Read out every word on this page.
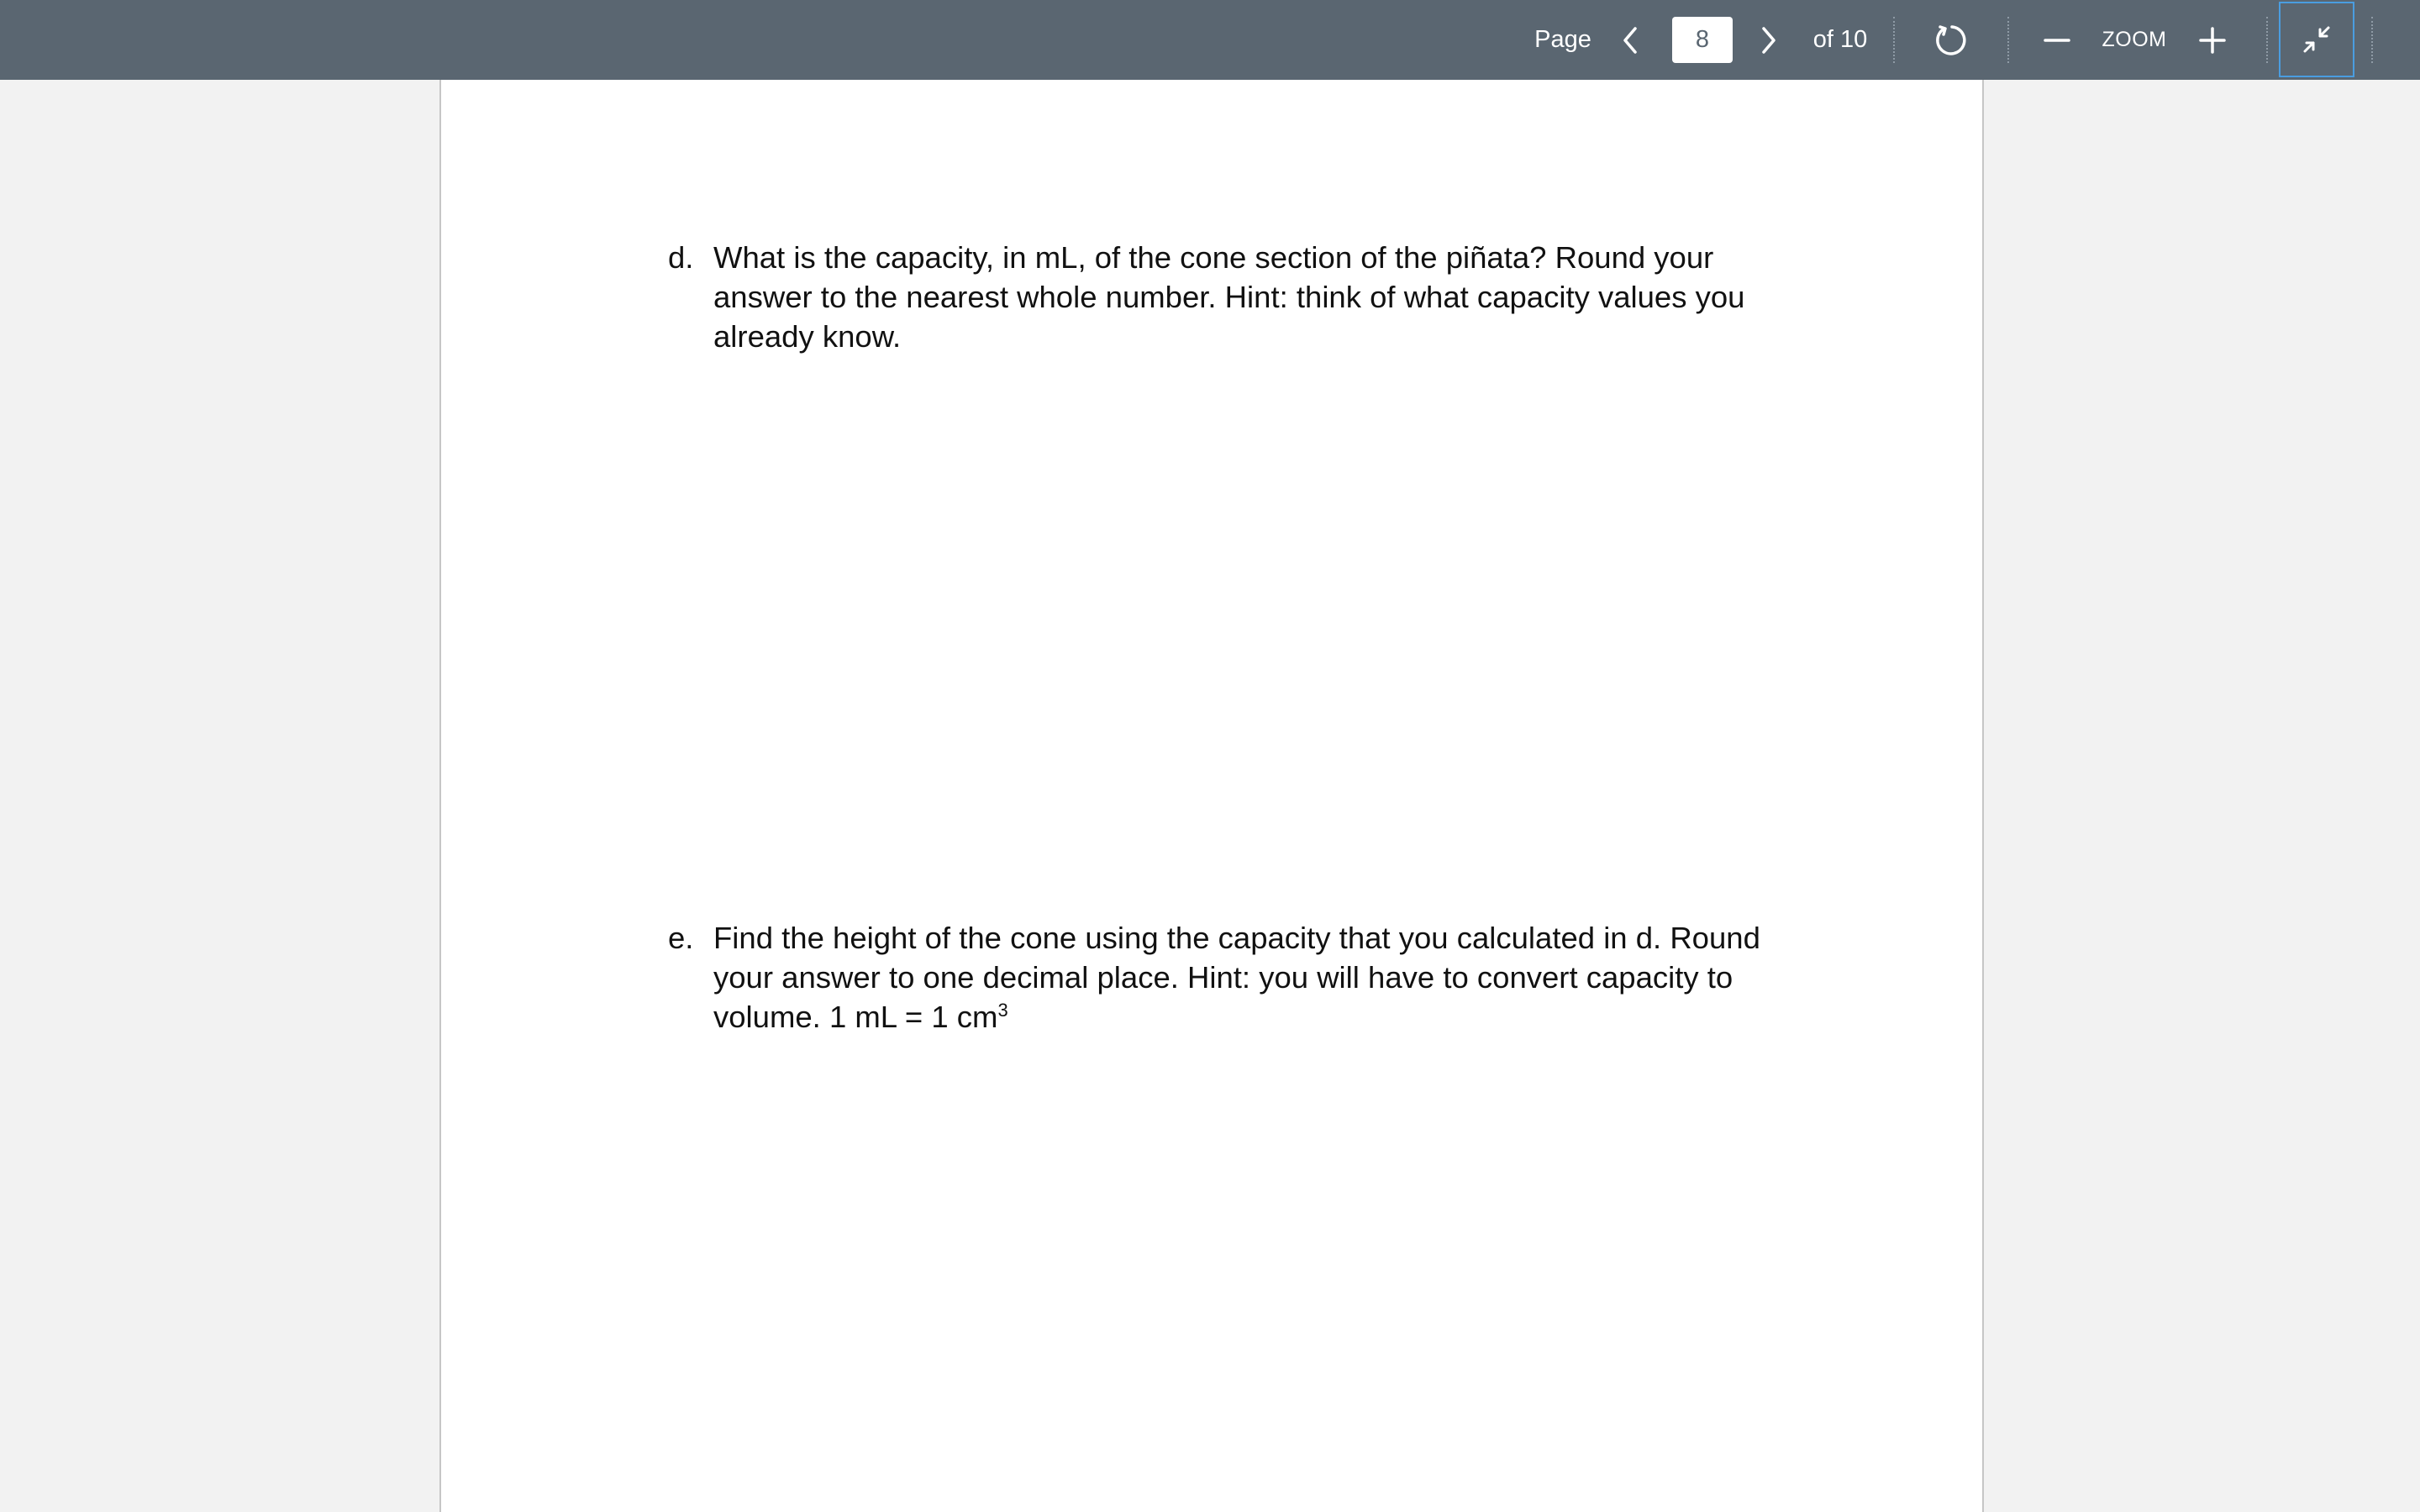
Page
8	of 10	ZOOM
d. What is the capacity, in mL, of the cone section of the piñata? Round your answer to the nearest whole number. Hint: think of what capacity values you already know.
e. Find the height of the cone using the capacity that you calculated in d. Round your answer to one decimal place. Hint: you will have to convert capacity to volume. 1 mL = 1 $cm^3$
